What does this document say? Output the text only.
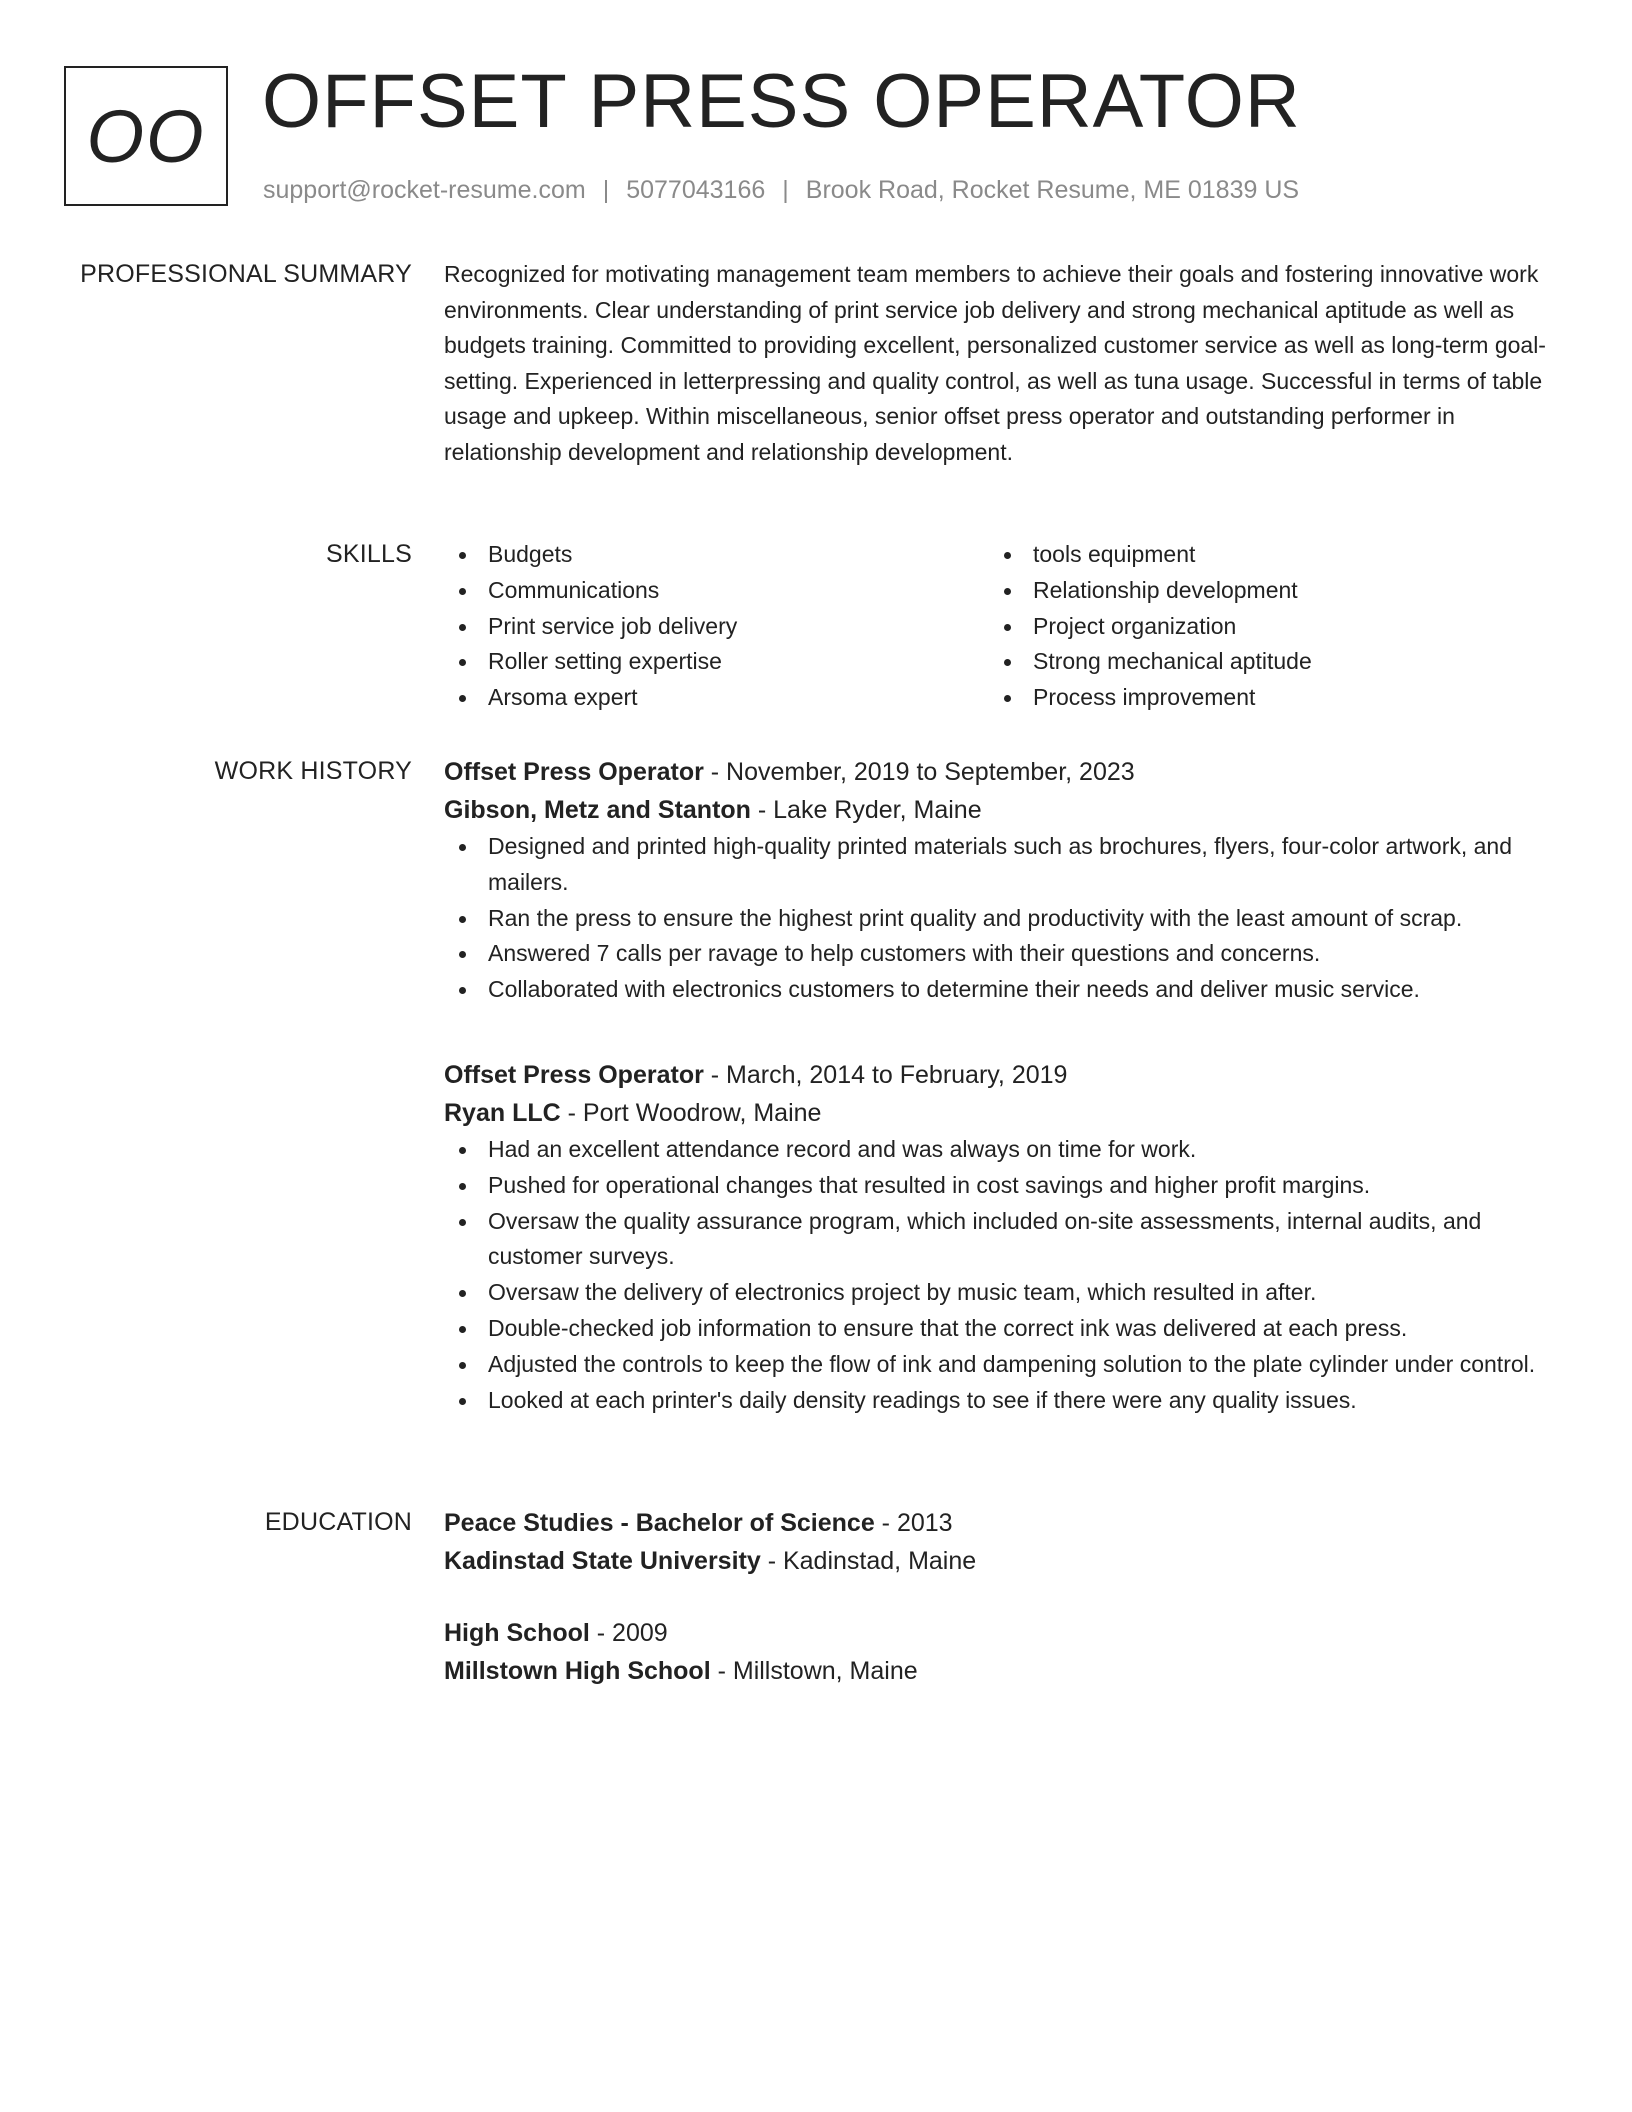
OO OFFSET PRESS OPERATOR
support@rocket-resume.com | 5077043166 | Brook Road, Rocket Resume, ME 01839 US
PROFESSIONAL SUMMARY Recognized for motivating management team members to achieve their goals and fostering innovative work environments. Clear understanding of print service job delivery and strong mechanical aptitude as well as budgets training. Committed to providing excellent, personalized customer service as well as long-term goal-setting. Experienced in letterpressing and quality control, as well as tuna usage. Successful in terms of table usage and upkeep. Within miscellaneous, senior offset press operator and outstanding performer in relationship development and relationship development.

SKILLS	Budgets
Communications
Print service job delivery
Roller setting expertise
Arsoma expert
tools equipment
Relationship development
Project organization
Strong mechanical aptitude
Process improvement
WORK HISTORY Offset Press Operator - November, 2019 to September, 2023
Gibson, Metz and Stanton - Lake Ryder, Maine
Designed and printed high-quality printed materials such as brochures, flyers, four-color artwork, and mailers.
Ran the press to ensure the highest print quality and productivity with the least amount of scrap.
Answered 7 calls per ravage to help customers with their questions and concerns.
Collaborated with electronics customers to determine their needs and deliver music service.
Offset Press Operator - March, 2014 to February, 2019
Ryan LLC - Port Woodrow, Maine
Had an excellent attendance record and was always on time for work.
Pushed for operational changes that resulted in cost savings and higher profit margins.
Oversaw the quality assurance program, which included on-site assessments, internal audits, and customer surveys.
Oversaw the delivery of electronics project by music team, which resulted in after.
Double-checked job information to ensure that the correct ink was delivered at each press.
Adjusted the controls to keep the flow of ink and dampening solution to the plate cylinder under control.
Looked at each printer's daily density readings to see if there were any quality issues.
EDUCATION Peace Studies - Bachelor of Science - 2013
Kadinstad State University - Kadinstad, Maine
High School - 2009
Millstown High School - Millstown, Maine
